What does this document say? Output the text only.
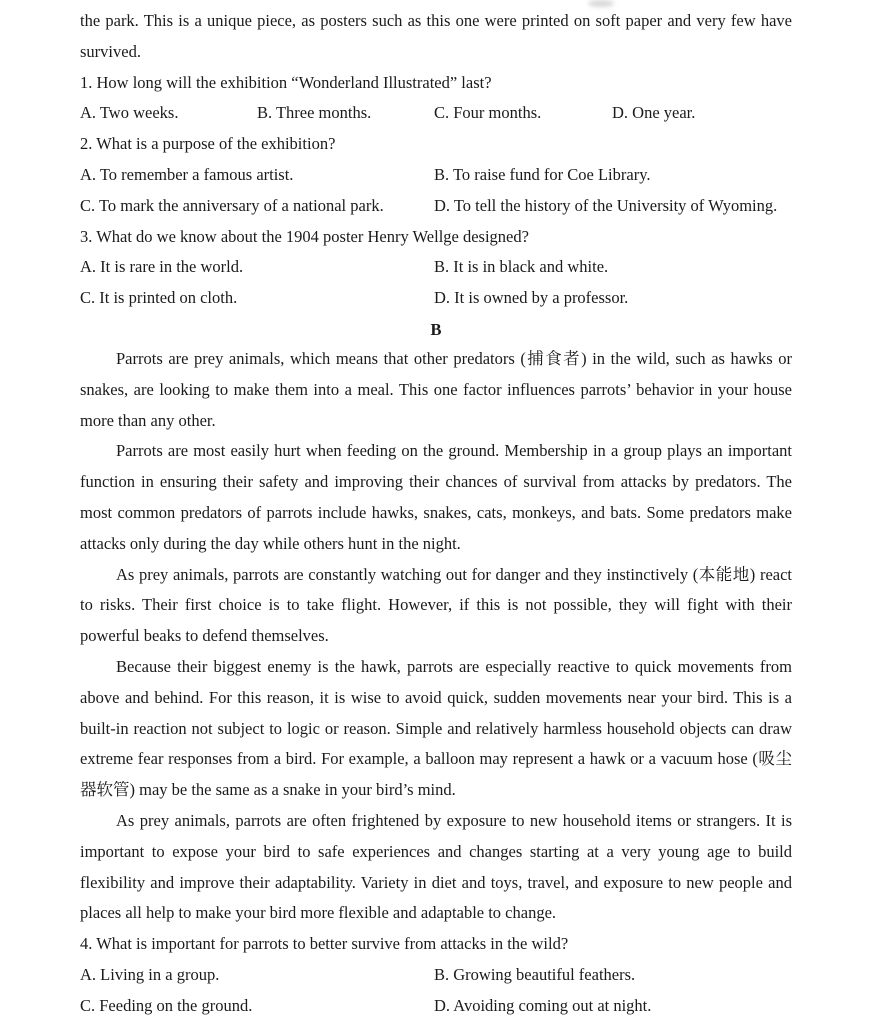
the park. This is a unique piece, as posters such as this one were printed on soft paper and very few have survived.

1. How long will the exhibition “Wonderland Illustrated” last?

A. Two weeks.	B. Three months.	C. Four months.	D. One year.

2. What is a purpose of the exhibition?

A. To remember a famous artist.	B. To raise fund for Coe Library.
C. To mark the anniversary of a national park.	D. To tell the history of the University of Wyoming.

3. What do we know about the 1904 poster Henry Wellge designed?

A. It is rare in the world.	B. It is in black and white.
C. It is printed on cloth.	D. It is owned by a professor.

B

Parrots are prey animals, which means that other predators (捕食者) in the wild, such as hawks or snakes, are looking to make them into a meal. This one factor influences parrots’ behavior in your house more than any other.

Parrots are most easily hurt when feeding on the ground. Membership in a group plays an important function in ensuring their safety and improving their chances of survival from attacks by predators. The most common predators of parrots include hawks, snakes, cats, monkeys, and bats. Some predators make attacks only during the day while others hunt in the night.

As prey animals, parrots are constantly watching out for danger and they instinctively (本能地) react to risks. Their first choice is to take flight. However, if this is not possible, they will fight with their powerful beaks to defend themselves.

Because their biggest enemy is the hawk, parrots are especially reactive to quick movements from above and behind. For this reason, it is wise to avoid quick, sudden movements near your bird. This is a built-in reaction not subject to logic or reason. Simple and relatively harmless household objects can draw extreme fear responses from a bird. For example, a balloon may represent a hawk or a vacuum hose (吸尘器软管) may be the same as a snake in your bird’s mind.

As prey animals, parrots are often frightened by exposure to new household items or strangers. It is important to expose your bird to safe experiences and changes starting at a very young age to build flexibility and improve their adaptability. Variety in diet and toys, travel, and exposure to new people and places all help to make your bird more flexible and adaptable to change.

4. What is important for parrots to better survive from attacks in the wild?

A. Living in a group.	B. Growing beautiful feathers.
C. Feeding on the ground.	D. Avoiding coming out at night.
